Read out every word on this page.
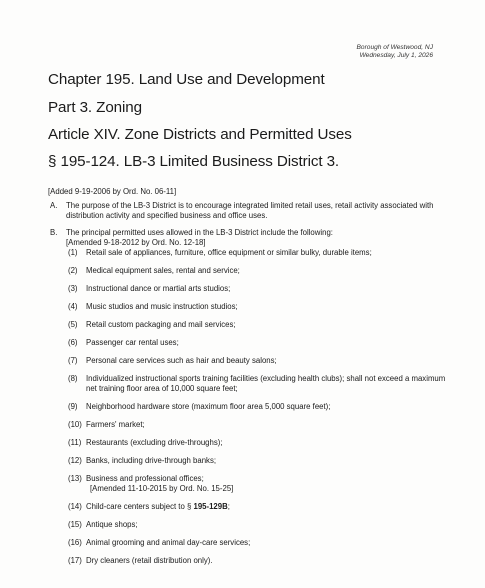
Borough of Westwood, NJ
Wednesday, July 1, 2026
Chapter 195. Land Use and Development
Part 3. Zoning
Article XIV. Zone Districts and Permitted Uses
§ 195-124. LB-3 Limited Business District 3.
[Added 9-19-2006 by Ord. No. 06-11]
A. The purpose of the LB-3 District is to encourage integrated limited retail uses, retail activity associated with distribution activity and specified business and office uses.
B. The principal permitted uses allowed in the LB-3 District include the following:
[Amended 9-18-2012 by Ord. No. 12-18]
(1) Retail sale of appliances, furniture, office equipment or similar bulky, durable items;
(2) Medical equipment sales, rental and service;
(3) Instructional dance or martial arts studios;
(4) Music studios and music instruction studios;
(5) Retail custom packaging and mail services;
(6) Passenger car rental uses;
(7) Personal care services such as hair and beauty salons;
(8) Individualized instructional sports training facilities (excluding health clubs); shall not exceed a maximum net training floor area of 10,000 square feet;
(9) Neighborhood hardware store (maximum floor area 5,000 square feet);
(10) Farmers' market;
(11) Restaurants (excluding drive-throughs);
(12) Banks, including drive-through banks;
(13) Business and professional offices;
[Amended 11-10-2015 by Ord. No. 15-25]
(14) Child-care centers subject to § 195-129B;
(15) Antique shops;
(16) Animal grooming and animal day-care services;
(17) Dry cleaners (retail distribution only).
